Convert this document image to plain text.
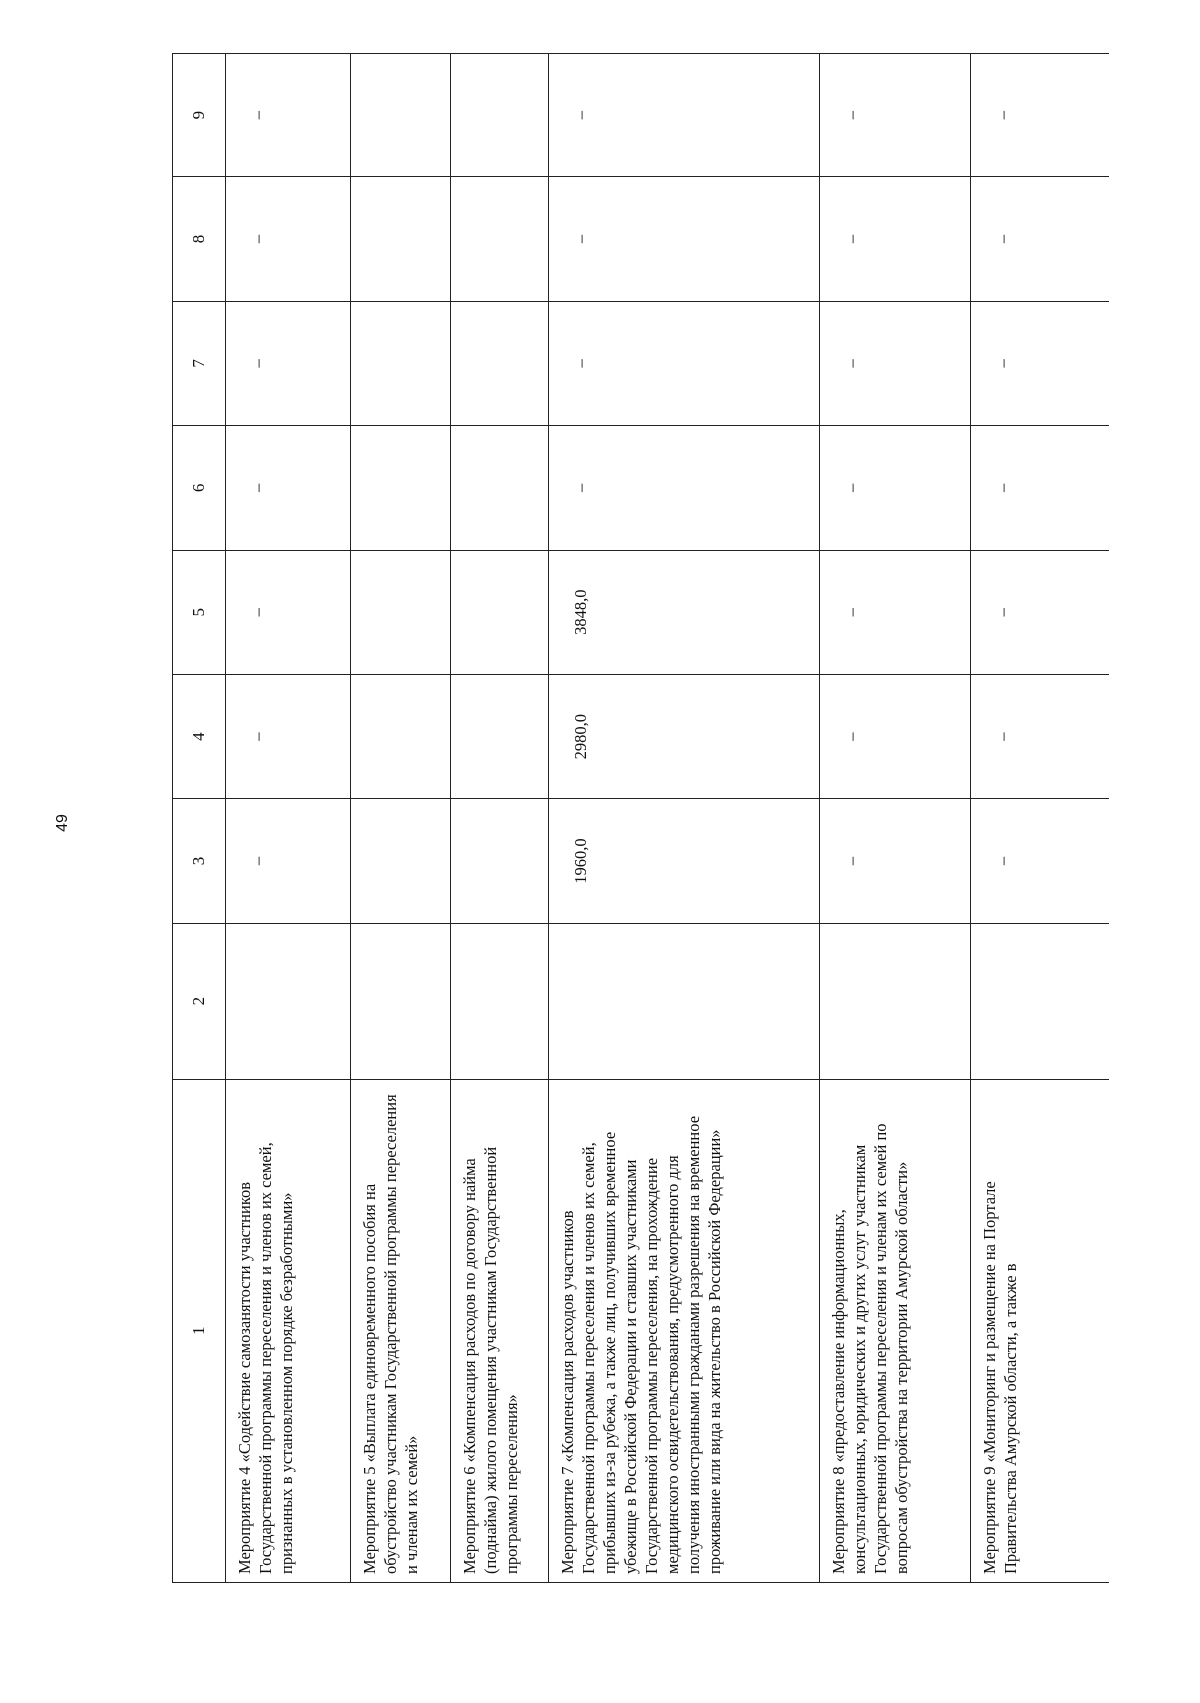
49
1	2	3	4	5	6	7	8	9
Мероприятие 4 «Содействие самозанятости участников Государственной программы переселения и членов их семей, признанных в установленном порядке безработными»		–	–	–	–	–	–	–

Мероприятие 5 «Выплата единовременного пособия на обустройство участникам Государственной программы переселения и членам их семей»	

Мероприятие 6 «Компенсация расходов по договору найма (поднайма) жилого помещения участникам Государственной программы переселения»	

Мероприятие 7 «Компенсация расходов участников Государственной программы переселения и членов их семей, прибывших из-за рубежа, а также лиц, получивших временное убежище в Российской Федерации и ставших участниками Государственной программы переселения, на прохождение медицинского освидетельствования, предусмотренного для получения иностранными гражданами разрешения на временное проживание или вида на жительство в Российской Федерации»		1960,0	2980,0	3848,0	–	–	–	–

Мероприятие 8 «предоставление информационных, консультационных, юридических и других услуг участникам Государственной программы переселения и членам их семей по вопросам обустройства на территории Амурской области»		–	–	–	–	–	–	–

Мероприятие 9 «Мониторинг и размещение на Портале Правительства Амурской области, а также в		–	–	–	–	–	–	–
